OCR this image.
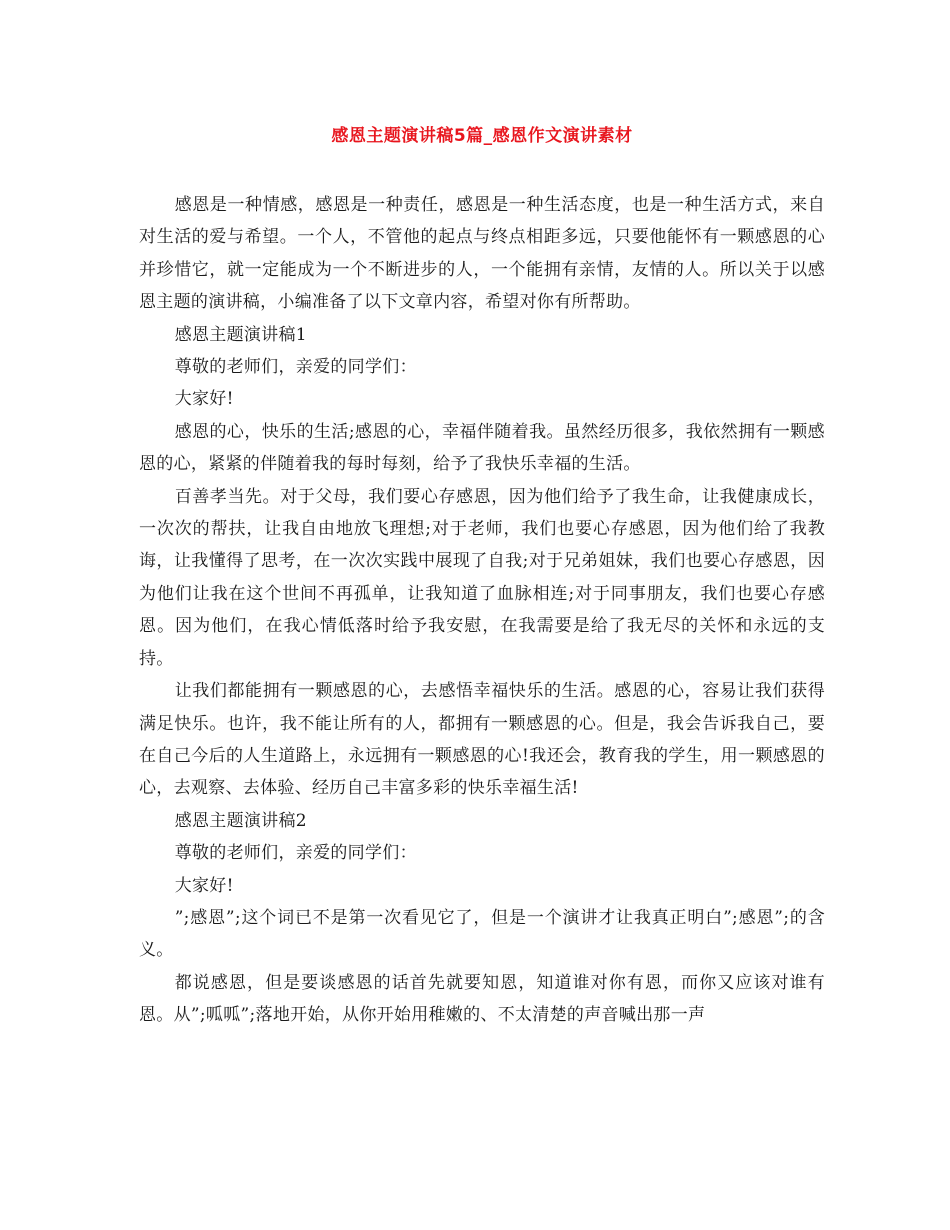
感恩主题演讲稿5篇_感恩作文演讲素材

感恩是一种情感，感恩是一种责任，感恩是一种生活态度，也是一种生活方式，来自对生活的爱与希望。一个人，不管他的起点与终点相距多远，只要他能怀有一颗感恩的心并珍惜它，就一定能成为一个不断进步的人，一个能拥有亲情，友情的人。所以关于以感恩主题的演讲稿，小编准备了以下文章内容，希望对你有所帮助。

感恩主题演讲稿1

尊敬的老师们，亲爱的同学们：

大家好!

感恩的心，快乐的生活;感恩的心，幸福伴随着我。虽然经历很多，我依然拥有一颗感恩的心，紧紧的伴随着我的每时每刻，给予了我快乐幸福的生活。

百善孝当先。对于父母，我们要心存感恩，因为他们给予了我生命，让我健康成长，一次次的帮扶，让我自由地放飞理想;对于老师，我们也要心存感恩，因为他们给了我教诲，让我懂得了思考，在一次次实践中展现了自我;对于兄弟姐妹，我们也要心存感恩，因为他们让我在这个世间不再孤单，让我知道了血脉相连;对于同事朋友，我们也要心存感恩。因为他们，在我心情低落时给予我安慰，在我需要是给了我无尽的关怀和永远的支持。

让我们都能拥有一颗感恩的心，去感悟幸福快乐的生活。感恩的心，容易让我们获得满足快乐。也许，我不能让所有的人，都拥有一颗感恩的心。但是，我会告诉我自己，要在自己今后的人生道路上，永远拥有一颗感恩的心!我还会，教育我的学生，用一颗感恩的心，去观察、去体验、经历自己丰富多彩的快乐幸福生活!

感恩主题演讲稿2

尊敬的老师们，亲爱的同学们：

大家好!

”;感恩”;这个词已不是第一次看见它了，但是一个演讲才让我真正明白”;感恩”;的含义。

都说感恩，但是要谈感恩的话首先就要知恩，知道谁对你有恩，而你又应该对谁有恩。从”;呱呱”;落地开始，从你开始用稚嫩的、不太清楚的声音喊出那一声
